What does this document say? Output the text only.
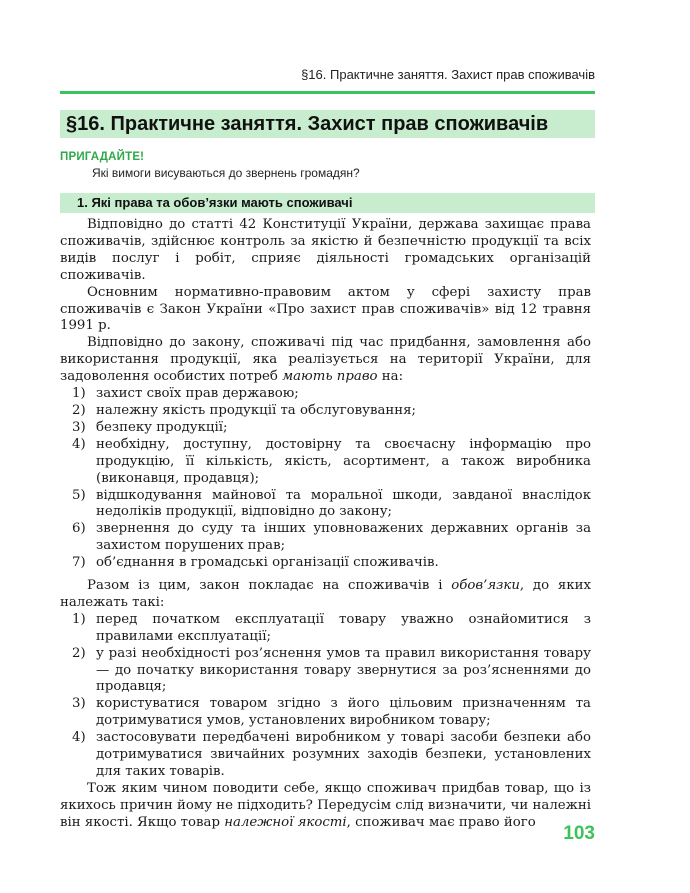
§16. Практичне заняття. Захист прав споживачів
§16. Практичне заняття. Захист прав споживачів
ПРИГАДАЙТЕ!
Які вимоги висуваються до звернень громадян?
1. Які права та обов’язки мають споживачі

Відповідно до статті 42 Конституції України, держава захищає права споживачів, здійснює контроль за якістю й безпечністю продукції та всіх видів послуг і робіт, сприяє діяльності громадських організацій споживачів.

Основним нормативно-правовим актом у сфері захисту прав споживачів є Закон України «Про захист прав споживачів» від 12 травня 1991 р.

Відповідно до закону, споживачі під час придбання, замовлення або використання продукції, яка реалізується на території України, для задоволення особистих потреб мають право на:

1) захист своїх прав державою;
2) належну якість продукції та обслуговування;
3) безпеку продукції;
4) необхідну, доступну, достовірну та своєчасну інформацію про продукцію, її кількість, якість, асортимент, а також виробника (виконавця, продавця);
5) відшкодування майнової та моральної шкоди, завданої внаслідок недоліків продукції, відповідно до закону;
6) звернення до суду та інших уповноважених державних органів за захистом порушених прав;
7) об’єднання в громадські організації споживачів.

Разом із цим, закон покладає на споживачів і обов’язки, до яких належать такі:

1) перед початком експлуатації товару уважно ознайомитися з правилами експлуатації;
2) у разі необхідності роз’яснення умов та правил використання товару — до початку використання товару звернутися за роз’ясненнями до продавця;
3) користуватися товаром згідно з його цільовим призначенням та дотримуватися умов, установлених виробником товару;
4) застосовувати передбачені виробником у товарі засоби безпеки або дотримуватися звичайних розумних заходів безпеки, установлених для таких товарів.

Тож яким чином поводити себе, якщо споживач придбав товар, що із якихось причин йому не підходить? Передусім слід визначити, чи належні він якості. Якщо товар належної якості, споживач має право його

103
